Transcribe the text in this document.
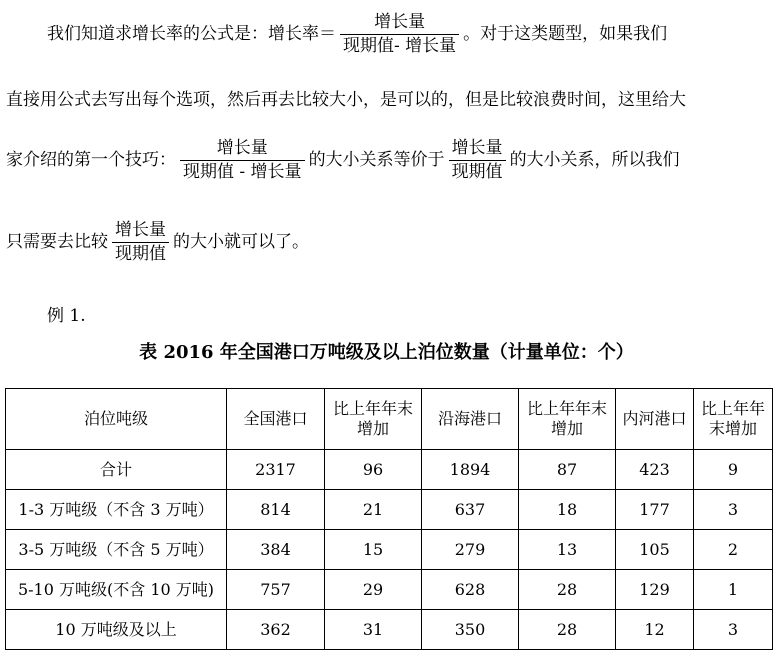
我们知道求增长率的公式是：增长率＝ $\frac{\text{增长量}}{\text{现期值- 增长量}}$ 。对于这类题型，如果我们
直接用公式去写出每个选项，然后再去比较大小，是可以的，但是比较浪费时间，这里给大
家介绍的第一个技巧： $\frac{\text{增长量}}{\text{现期值 - 增长量}}$ 的大小关系等价于 $\frac{\text{增长量}}{\text{现期值}}$ 的大小关系，所以我们
只需要去比较 $\frac{\text{增长量}}{\text{现期值}}$ 的大小就可以了。
例 1.
表 2016 年全国港口万吨级及以上泊位数量（计量单位：个）
泊位吨级	全国港口	比上年年末增加	沿海港口	比上年年末增加	内河港口	比上年年末增加
合计	2317	96	1894	87	423	9
1-3 万吨级（不含 3 万吨）	814	21	637	18	177	3
3-5 万吨级（不含 5 万吨）	384	15	279	13	105	2
5-10 万吨级(不含 10 万吨)	757	29	628	28	129	1
10 万吨级及以上	362	31	350	28	12	3
